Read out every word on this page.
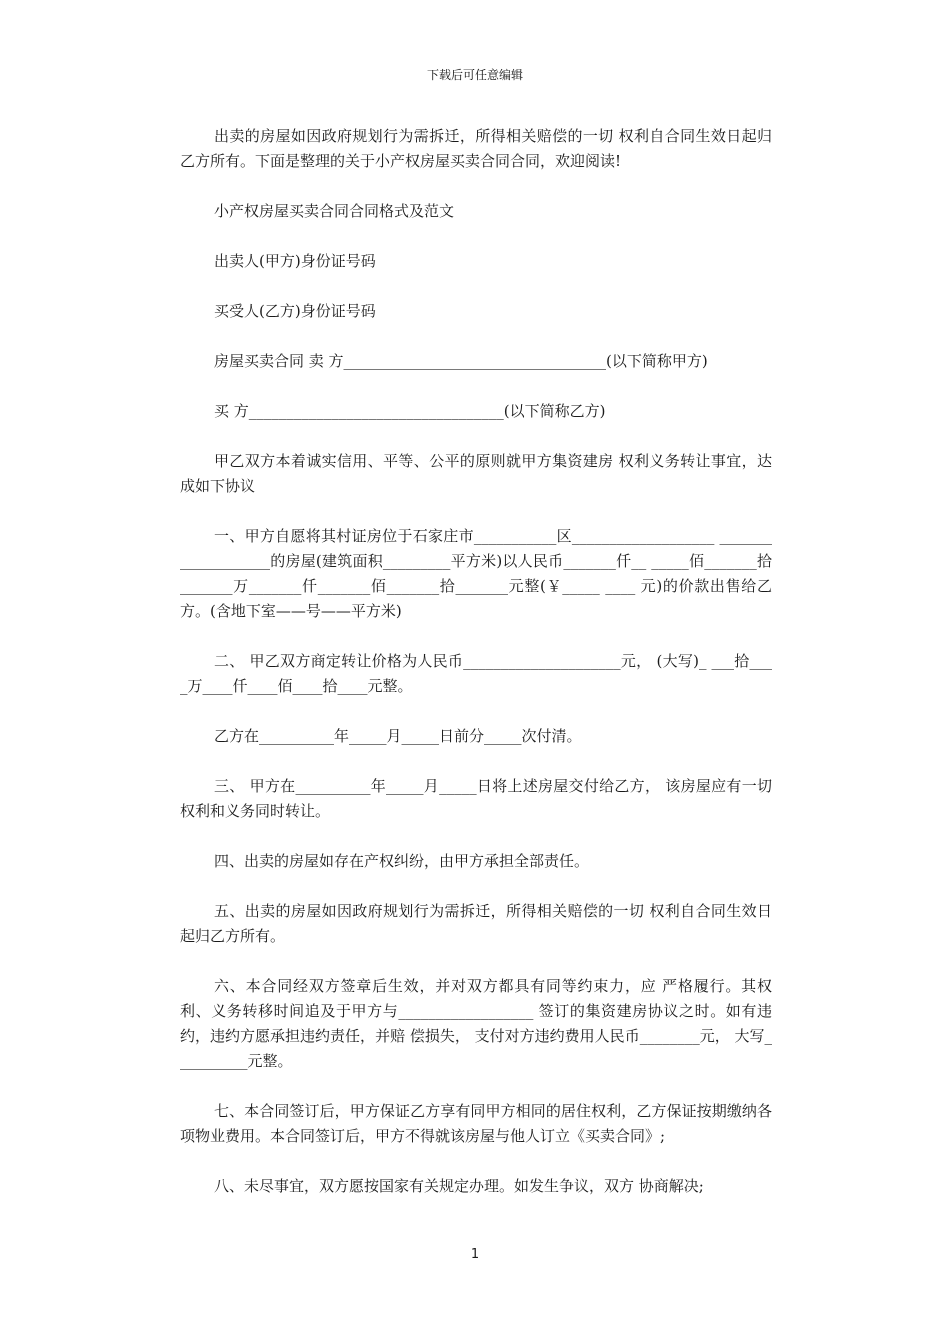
下载后可任意编辑

出卖的房屋如因政府规划行为需拆迁，所得相关赔偿的一切 权利自合同生效日起归乙方所有。下面是整理的关于小产权房屋买卖合同合同，欢迎阅读!

小产权房屋买卖合同合同格式及范文

出卖人(甲方)身份证号码

买受人(乙方)身份证号码

房屋买卖合同 卖 方___________________________________(以下简称甲方)

买 方__________________________________(以下简称乙方)

甲乙双方本着诚实信用、平等、公平的原则就甲方集资建房 权利义务转让事宜，达成如下协议

一、甲方自愿将其村证房位于石家庄市___________区___________________ ___________________的房屋(建筑面积_________平方米)以人民币_______仟__ _____佰_______拾_______万_______仟_______佰_______拾_______元整(￥_____ ____ 元)的价款出售给乙方。(含地下室——号——平方米)

二、 甲乙双方商定转让价格为人民币_____________________元， (大写)_ ___拾____万____仟____佰____拾____元整。

乙方在__________年_____月_____日前分_____次付清。

三、 甲方在__________年_____月_____日将上述房屋交付给乙方， 该房屋应有一切权利和义务同时转让。

四、出卖的房屋如存在产权纠纷，由甲方承担全部责任。

五、出卖的房屋如因政府规划行为需拆迁，所得相关赔偿的一切 权利自合同生效日起归乙方所有。

六、本合同经双方签章后生效，并对双方都具有同等约束力，应 严格履行。其权利、义务转移时间追及于甲方与__________________ 签订的集资建房协议之时。如有违约，违约方愿承担违约责任，并赔 偿损失， 支付对方违约费用人民币________元， 大写__________元整。

七、本合同签订后，甲方保证乙方享有同甲方相同的居住权利，乙方保证按期缴纳各项物业费用。本合同签订后，甲方不得就该房屋与他人订立《买卖合同》;

八、未尽事宜，双方愿按国家有关规定办理。如发生争议，双方 协商解决;

1
